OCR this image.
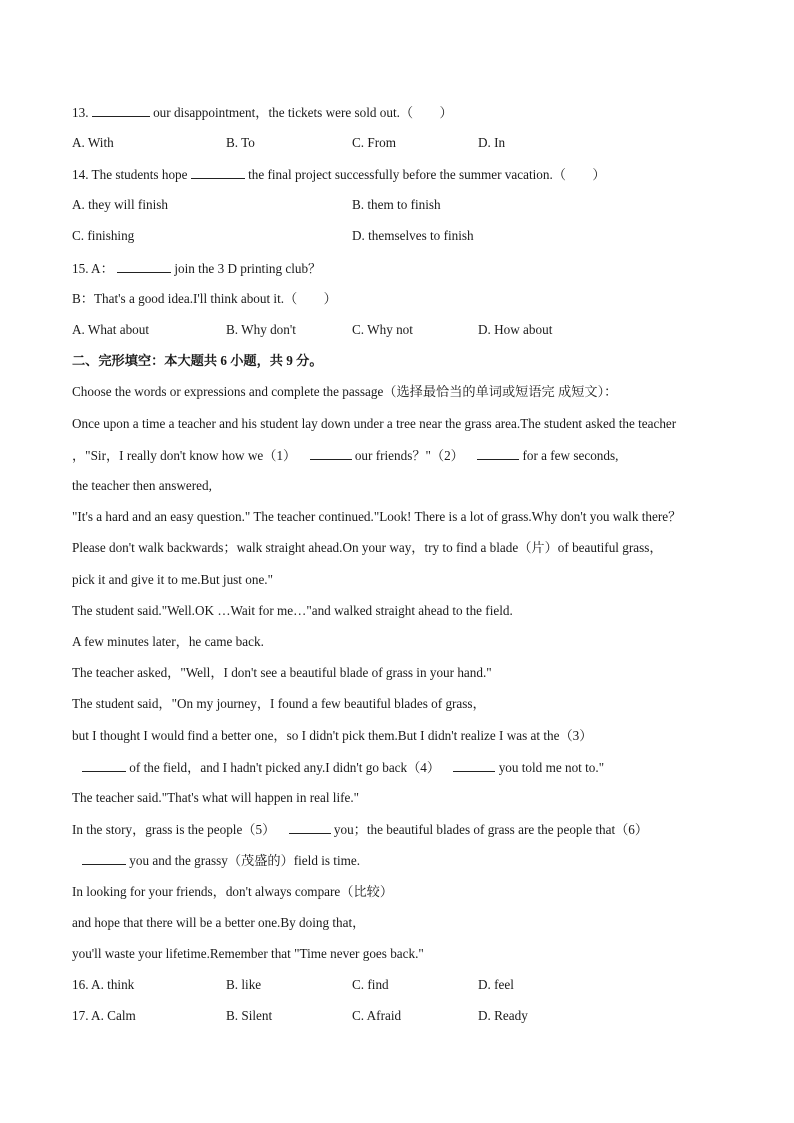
13.	our disappointment，the tickets were sold out.（　　）
A. With	B. To	C. From	D. In
14. The students hope	the final project successfully before the summer vacation.（　　）
A. they will finish	B. them to finish
C. finishing	D. themselves to finish
15. A：	join the 3 D printing club？
B：That's a good idea.I'll think about it.（　　）
A. What about	B. Why don't	C. Why not	D. How about
二、完形填空：本大题共 6 小题，共 9 分。
Choose the words or expressions and complete the passage（选择最恰当的单词或短语完 成短文）：
Once upon a time a teacher and his student lay down under a tree near the grass area.The student asked the teacher
，"Sir，I really don't know how we（1）	our friends？"（2）	for a few seconds,
the teacher then answered,
"It's a hard and an easy question." The teacher continued."Look! There is a lot of grass.Why don't you walk there？
Please don't walk backwards；walk straight ahead.On your way，try to find a blade（片）of beautiful grass，
pick it and give it to me.But just one."
The student said."Well.OK …Wait for me…"and walked straight ahead to the field.
A few minutes later，he came back.
The teacher asked，"Well，I don't see a beautiful blade of grass in your hand."
The student said，"On my journey，I found a few beautiful blades of grass，
but I thought I would find a better one，so I didn't pick them.But I didn't realize I was at the（3）
of the field，and I hadn't picked any.I didn't go back（4）	you told me not to."
The teacher said."That's what will happen in real life."
In the story，grass is the people（5）	you；the beautiful blades of grass are the people that（6）
you and the grassy（茂盛的）field is time.
In looking for your friends，don't always compare（比较）
and hope that there will be a better one.By doing that，
you'll waste your lifetime.Remember that "Time never goes back."
16. A. think	B. like	C. find	D. feel
17. A. Calm	B. Silent	C. Afraid	D. Ready
